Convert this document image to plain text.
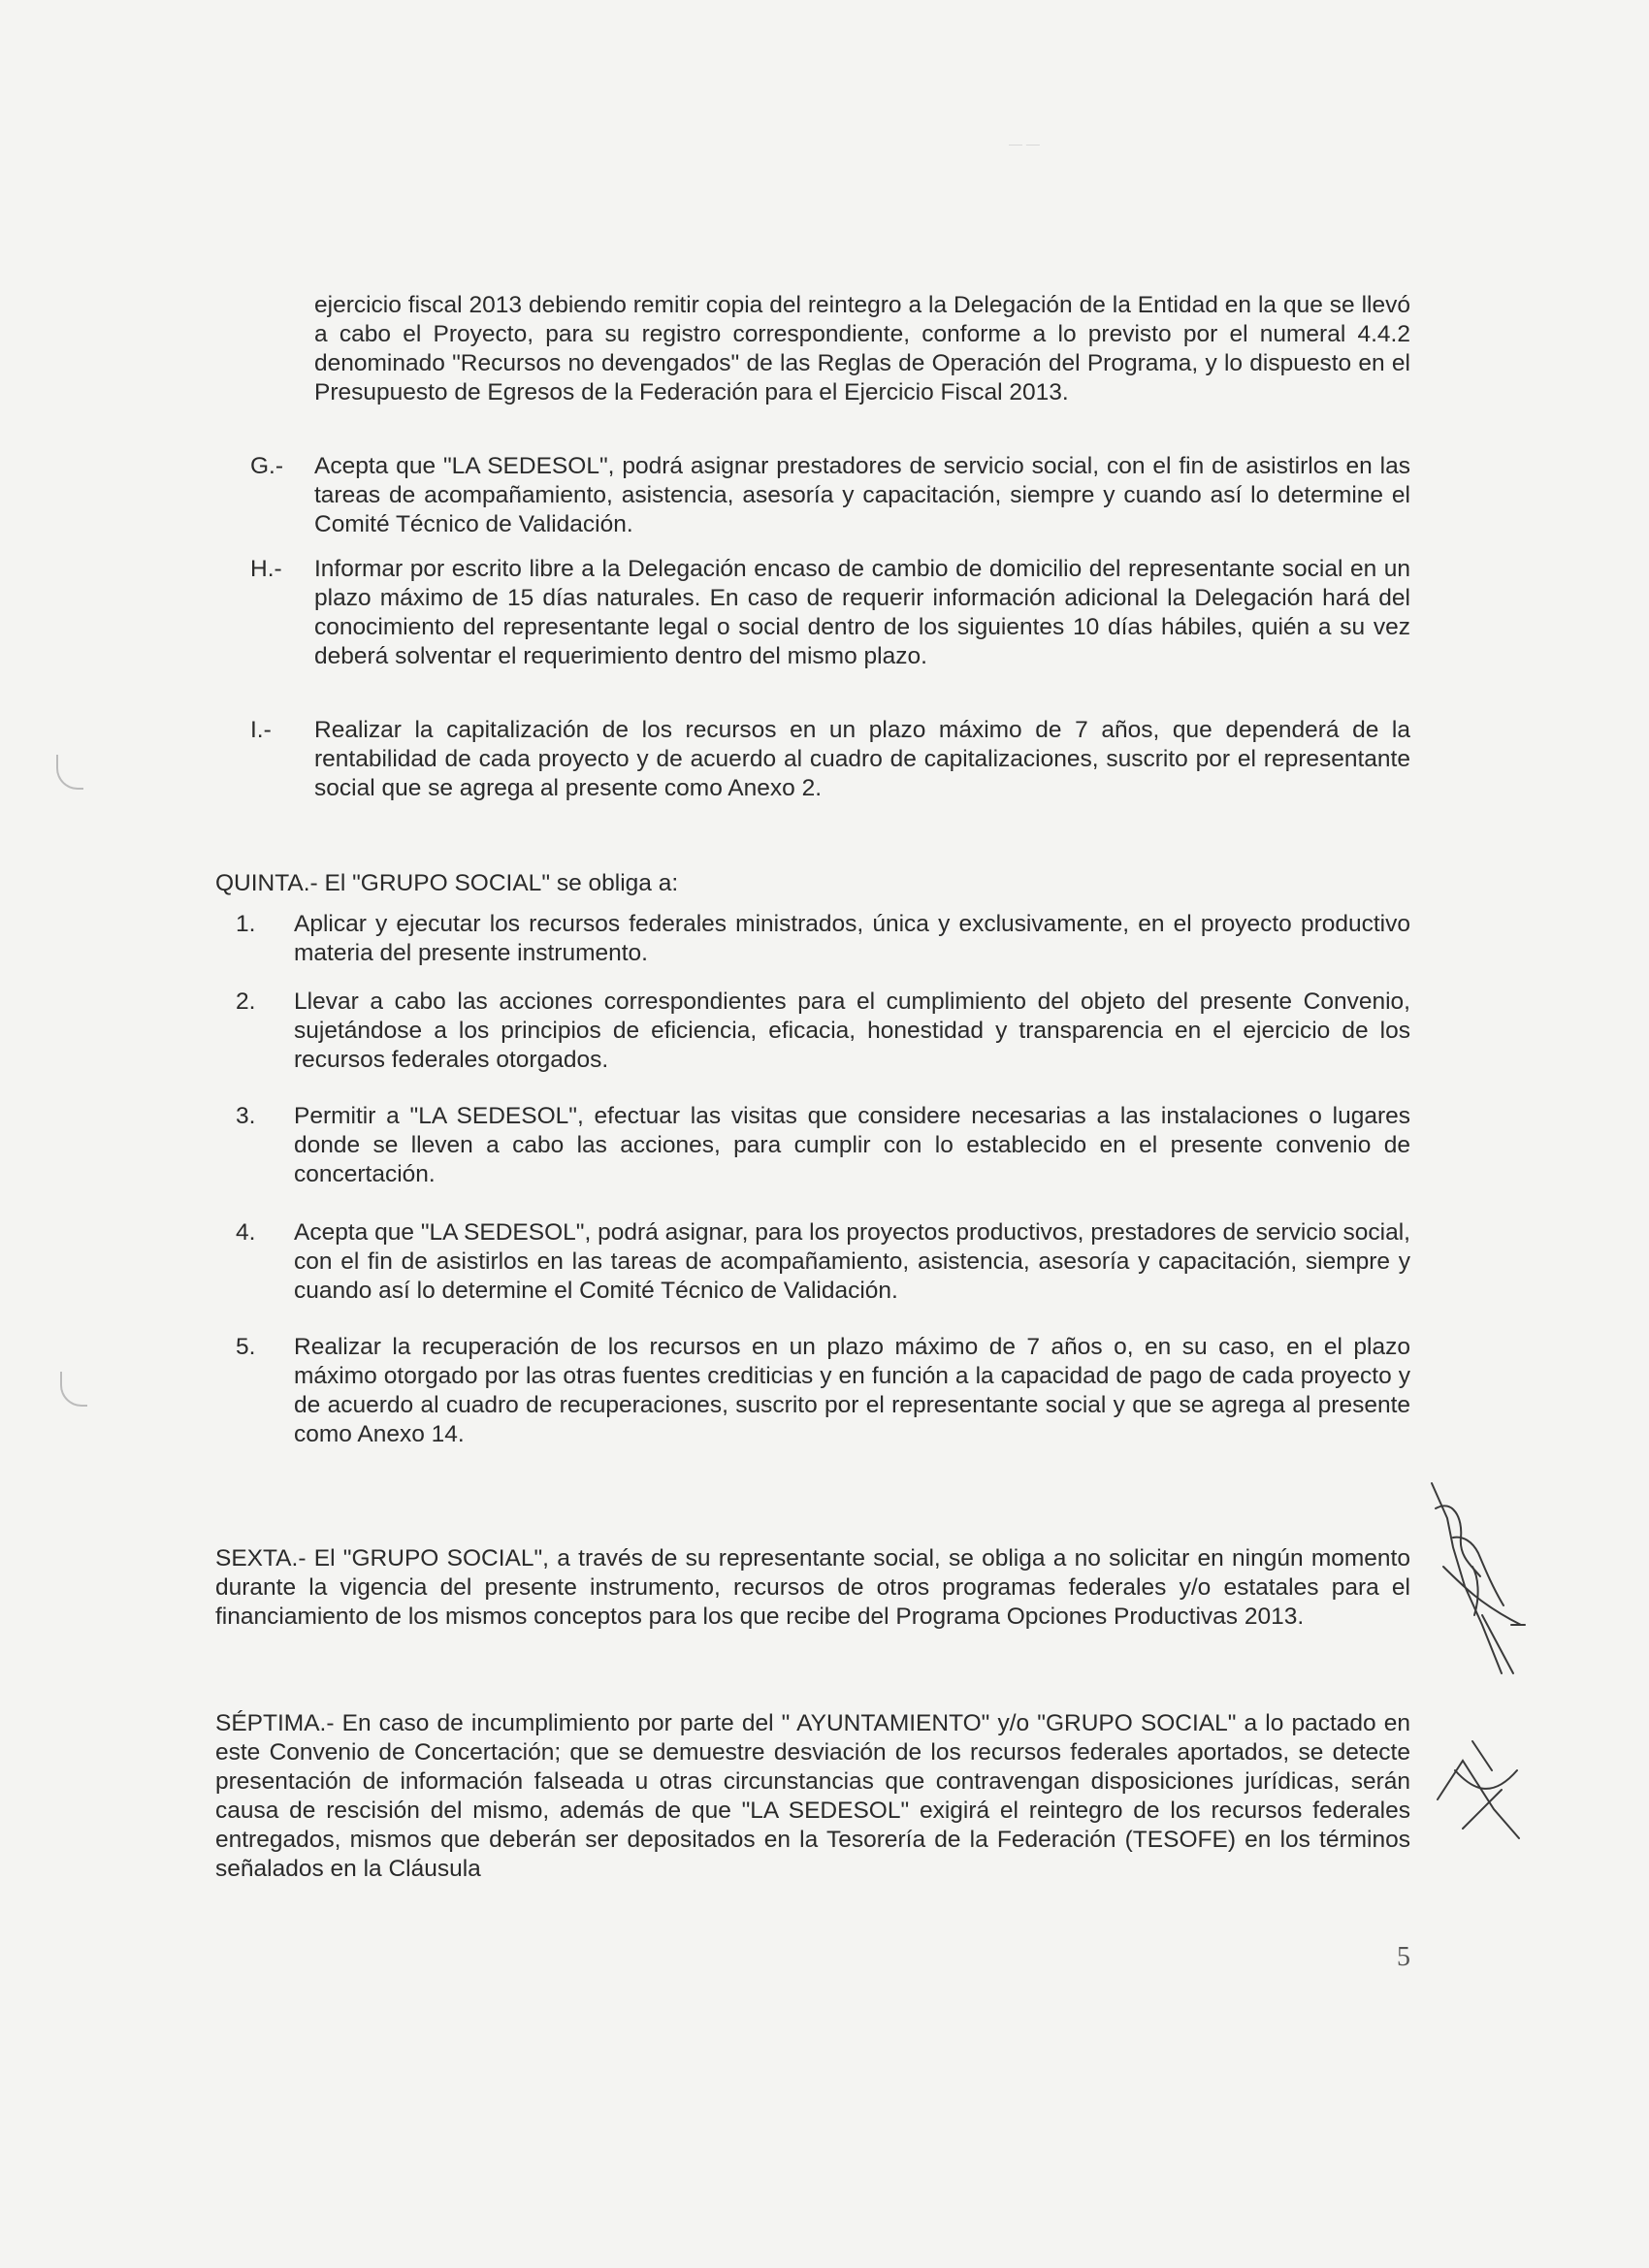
— —
ejercicio fiscal 2013 debiendo remitir copia del reintegro a la Delegación de la Entidad en la que se llevó a cabo el Proyecto, para su registro correspondiente, conforme a lo previsto por el numeral 4.4.2 denominado "Recursos no devengados" de las Reglas de Operación del Programa, y lo dispuesto en el Presupuesto de Egresos de la Federación para el Ejercicio Fiscal 2013.
G.- Acepta que "LA SEDESOL", podrá asignar prestadores de servicio social, con el fin de asistirlos en las tareas de acompañamiento, asistencia, asesoría y capacitación, siempre y cuando así lo determine el Comité Técnico de Validación.
H.- Informar por escrito libre a la Delegación encaso de cambio de domicilio del representante social en un plazo máximo de 15 días naturales. En caso de requerir información adicional la Delegación hará del conocimiento del representante legal o social dentro de los siguientes 10 días hábiles, quién a su vez deberá solventar el requerimiento dentro del mismo plazo.
I.- Realizar la capitalización de los recursos en un plazo máximo de 7 años, que dependerá de la rentabilidad de cada proyecto y de acuerdo al cuadro de capitalizaciones, suscrito por el representante social que se agrega al presente como Anexo 2.
QUINTA.- El "GRUPO SOCIAL" se obliga a:
1. Aplicar y ejecutar los recursos federales ministrados, única y exclusivamente, en el proyecto productivo materia del presente instrumento.
2. Llevar a cabo las acciones correspondientes para el cumplimiento del objeto del presente Convenio, sujetándose a los principios de eficiencia, eficacia, honestidad y transparencia en el ejercicio de los recursos federales otorgados.
3. Permitir a "LA SEDESOL", efectuar las visitas que considere necesarias a las instalaciones o lugares donde se lleven a cabo las acciones, para cumplir con lo establecido en el presente convenio de concertación.
4. Acepta que "LA SEDESOL", podrá asignar, para los proyectos productivos, prestadores de servicio social, con el fin de asistirlos en las tareas de acompañamiento, asistencia, asesoría y capacitación, siempre y cuando así lo determine el Comité Técnico de Validación.
5. Realizar la recuperación de los recursos en un plazo máximo de 7 años o, en su caso, en el plazo máximo otorgado por las otras fuentes crediticias y en función a la capacidad de pago de cada proyecto y de acuerdo al cuadro de recuperaciones, suscrito por el representante social y que se agrega al presente como Anexo 14.
SEXTA.- El "GRUPO SOCIAL", a través de su representante social, se obliga a no solicitar en ningún momento durante la vigencia del presente instrumento, recursos de otros programas federales y/o estatales para el financiamiento de los mismos conceptos para los que recibe del Programa Opciones Productivas 2013.
SÉPTIMA.- En caso de incumplimiento por parte del " AYUNTAMIENTO" y/o "GRUPO SOCIAL" a lo pactado en este Convenio de Concertación; que se demuestre desviación de los recursos federales aportados, se detecte presentación de información falseada u otras circunstancias que contravengan disposiciones jurídicas, serán causa de rescisión del mismo, además de que "LA SEDESOL" exigirá el reintegro de los recursos federales entregados, mismos que deberán ser depositados en la Tesorería de la Federación (TESOFE) en los términos señalados en la Cláusula
5
